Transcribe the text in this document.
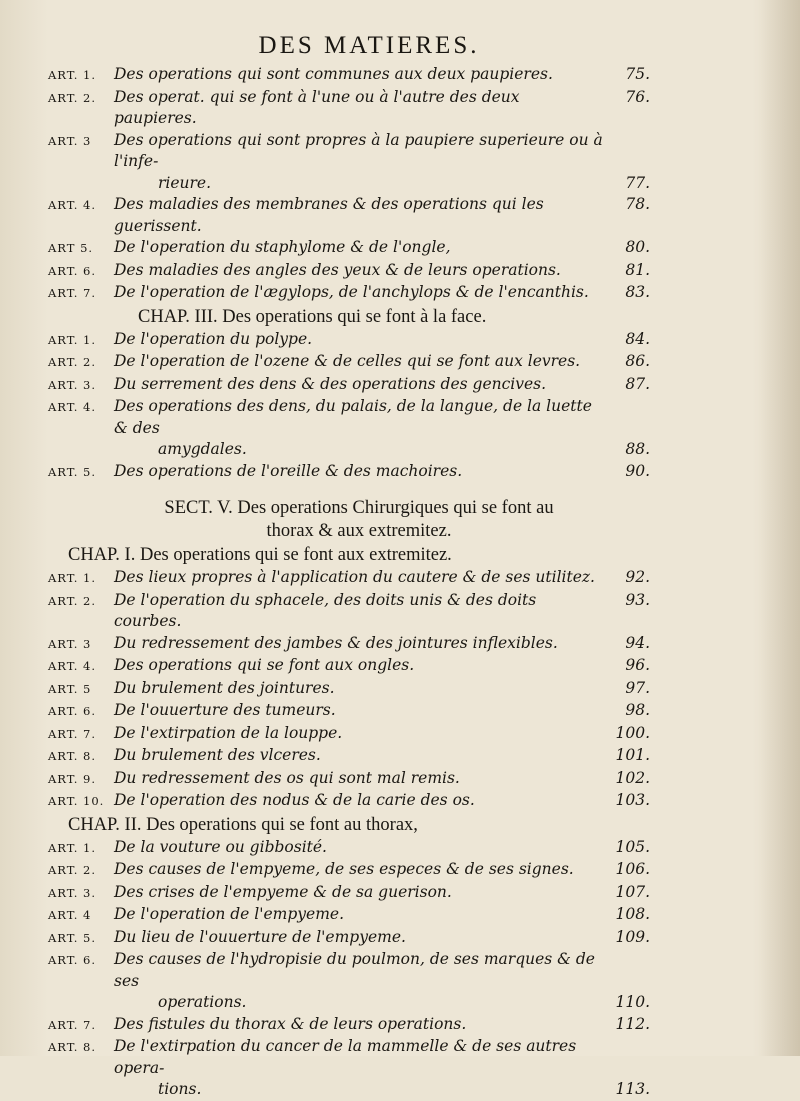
DES MATIERES.
ART. 1.	Des operations qui sont communes aux deux paupieres.	75.
ART. 2.	Des operat. qui se font à l'une ou à l'autre des deux paupieres.
76.
ART. 3	Des operations qui sont propres à la paupiere superieure ou à l'infe-
rieure.	77.
ART. 4.	Des maladies des membranes & des operations qui les guerissent.
78.
ART 5.	De l'operation du staphylome & de l'ongle,	80.
ART. 6.	Des maladies des angles des yeux & de leurs operations.	81.
ART. 7.	De l'operation de l'ægylops, de l'anchylops & de l'encanthis.	83.
CHAP. III. Des operations qui se font à la face.
ART. 1.	De l'operation du polype.	84.
ART. 2.	De l'operation de l'ozene & de celles qui se font aux levres.	86.
ART. 3.	Du serrement des dens & des operations des gencives.	87.
ART. 4.	Des operations des dens, du palais, de la langue, de la luette & des
amygdales.	88.
ART. 5.	Des operations de l'oreille & des machoires.	90.
SECT. V. Des operations Chirurgiques qui se font au
thorax & aux extremitez.
CHAP. I. Des operations qui se font aux extremitez.
ART. 1.	Des lieux propres à l'application du cautere & de ses utilitez.	92.
ART. 2.	De l'operation du sphacele, des doits unis & des doits courbes.
93.
ART. 3	Du redressement des jambes & des jointures inflexibles.	94.
ART. 4.	Des operations qui se font aux ongles.	96.
ART. 5	Du brulement des jointures.	97.
ART. 6.	De l'ouuerture des tumeurs.	98.
ART. 7.	De l'extirpation de la louppe.	100.
ART. 8.	Du brulement des vlceres.	101.
ART. 9.	Du redressement des os qui sont mal remis.	102.
ART. 10. De l'operation des nodus & de la carie des os.	103.
CHAP. II. Des operations qui se font au thorax,
ART. 1.	De la vouture ou gibbosité.	105.
ART. 2.	Des causes de l'empyeme, de ses especes & de ses signes.	106.
ART. 3.	Des crises de l'empyeme & de sa guerison.	107.
ART. 4	De l'operation de l'empyeme.	108.
ART. 5.	Du lieu de l'ouuerture de l'empyeme.	109.
ART. 6.	Des causes de l'hydropisie du poulmon, de ses marques & de ses
operations.	110.
ART. 7.	Des fistules du thorax & de leurs operations.	112.
ART. 8.	De l'extirpation du cancer de la mammelle & de ses autres opera-
tions.	113.
